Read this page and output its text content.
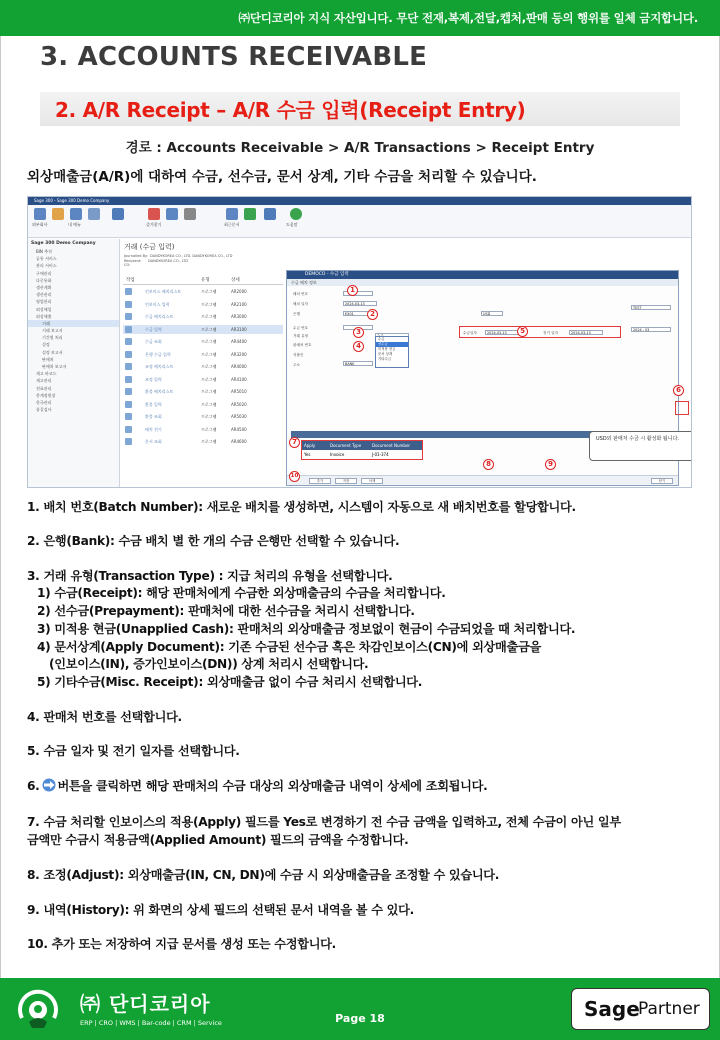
㈜단디코리아 지식 자산입니다. 무단 전재,복제,전달,캡처,판매 등의 행위를 일체 금지합니다.
3. ACCOUNTS RECEIVABLE
2. A/R Receipt – A/R 수금 입력(Receipt Entry)
경로 : Accounts Receivable > A/R Transactions > Receipt Entry
외상매출금(A/R)에 대하여 수금, 선수금, 문서 상계, 기타 수금을 처리할 수 있습니다.
Sage 300 - Sage 300 Demo Company
외부회사	내 메뉴	즐겨찾기	최근문서	도움말
Sage 300 Demo Company
BIN 추적
공통 서비스
관리 서비스
구매관리
다중통화
생산계획
생산관리
영업관리
외상매입
외상매출
거래
거래 보고서
기간별 처리
설정
설정 보고서
판매처
판매처 보고서
재고 바코드
재고관리
전표관리
총계정원장
한국관리
품질검사
거래 (수금 입력)
Journalled By:  DANDYKOREA CO., LTD. DANDYKOREA CO., LTD
Recipient:      DANDYKOREA CO., LTD
CO:
작업	유형	상세
인보이스 배치리스트	프로그램	AR2000
인보이스 입력	프로그램	AR2100
수금 배치리스트	프로그램	AR3000
수금 입력	프로그램	AR3100
수금 조회	프로그램	AR4400
은행 수금 입력	프로그램	AR3200
조정 배치리스트	프로그램	AR4000
조정 입력	프로그램	AR4100
환불 배치리스트	프로그램	AR5010
환불 입력	프로그램	AR5020
환불 조회	프로그램	AR5030
배치 전기	프로그램	AR4500
문서 조회	프로그램	AR4600
DEMOCO - 수금 입력
수금 배치 정보
배치 번호
배치 일자	2024-03-13
은행	EX01	USD
수금 번호
거래 유형
판매처 번호
지불인
BANK
주소
수금
선수금
미적용 현금
문서 상계
기타수금
수금일자	2024-03-13	전기 일자	2024-03-13
TEST
2024 - 03
Apply	Document Type	Document Number
Yes	Invoice	J-01-374
USD외 판매처 수금 시 활성화 됩니다.
추가	저장	삭제	닫기
1
2
3
4
5
6
7
8	9
10
1. 배치 번호(Batch Number): 새로운 배치를 생성하면, 시스템이 자동으로 새 배치번호를 할당합니다.
2. 은행(Bank): 수금 배치 별 한 개의 수금 은행만 선택할 수 있습니다.
3. 거래 유형(Transaction Type) : 지급 처리의 유형을 선택합니다.
1) 수금(Receipt): 해당 판매처에게 수금한 외상매출금의 수금을 처리합니다.
2) 선수금(Prepayment): 판매처에 대한 선수금을 처리시 선택합니다.
3) 미적용 현금(Unapplied Cash): 판매처의 외상매출금 정보없이 현금이 수금되었을 때 처리합니다.
4) 문서상계(Apply Document): 기존 수금된 선수금 혹은 차감인보이스(CN)에 외상매출금을
(인보이스(IN), 증가인보이스(DN)) 상계 처리시 선택합니다.
5) 기타수금(Misc. Receipt): 외상매출금 없이 수금 처리시 선택합니다.
4. 판매처 번호를 선택합니다.
5. 수금 일자 및 전기 일자를 선택합니다.
6. 버튼을 클릭하면 해당 판매처의 수금 대상의 외상매출금 내역이 상세에 조회됩니다.
7. 수금 처리할 인보이스의 적용(Apply) 필드를 Yes로 변경하기 전 수금 금액을 입력하고, 전체 수금이 아닌 일부
금액만 수금시 적용금액(Applied Amount) 필드의 금액을 수정합니다.
8. 조정(Adjust): 외상매출금(IN, CN, DN)에 수금 시 외상매출금을 조정할 수 있습니다.
9. 내역(History): 위 화면의 상세 필드의 선택된 문서 내역을 볼 수 있다.
10. 추가 또는 저장하여 지급 문서를 생성 또는 수정합니다.
㈜ 단디코리아
ERP | CRO | WMS | Bar-code | CRM | Service	Page 18	Sage
Partner
